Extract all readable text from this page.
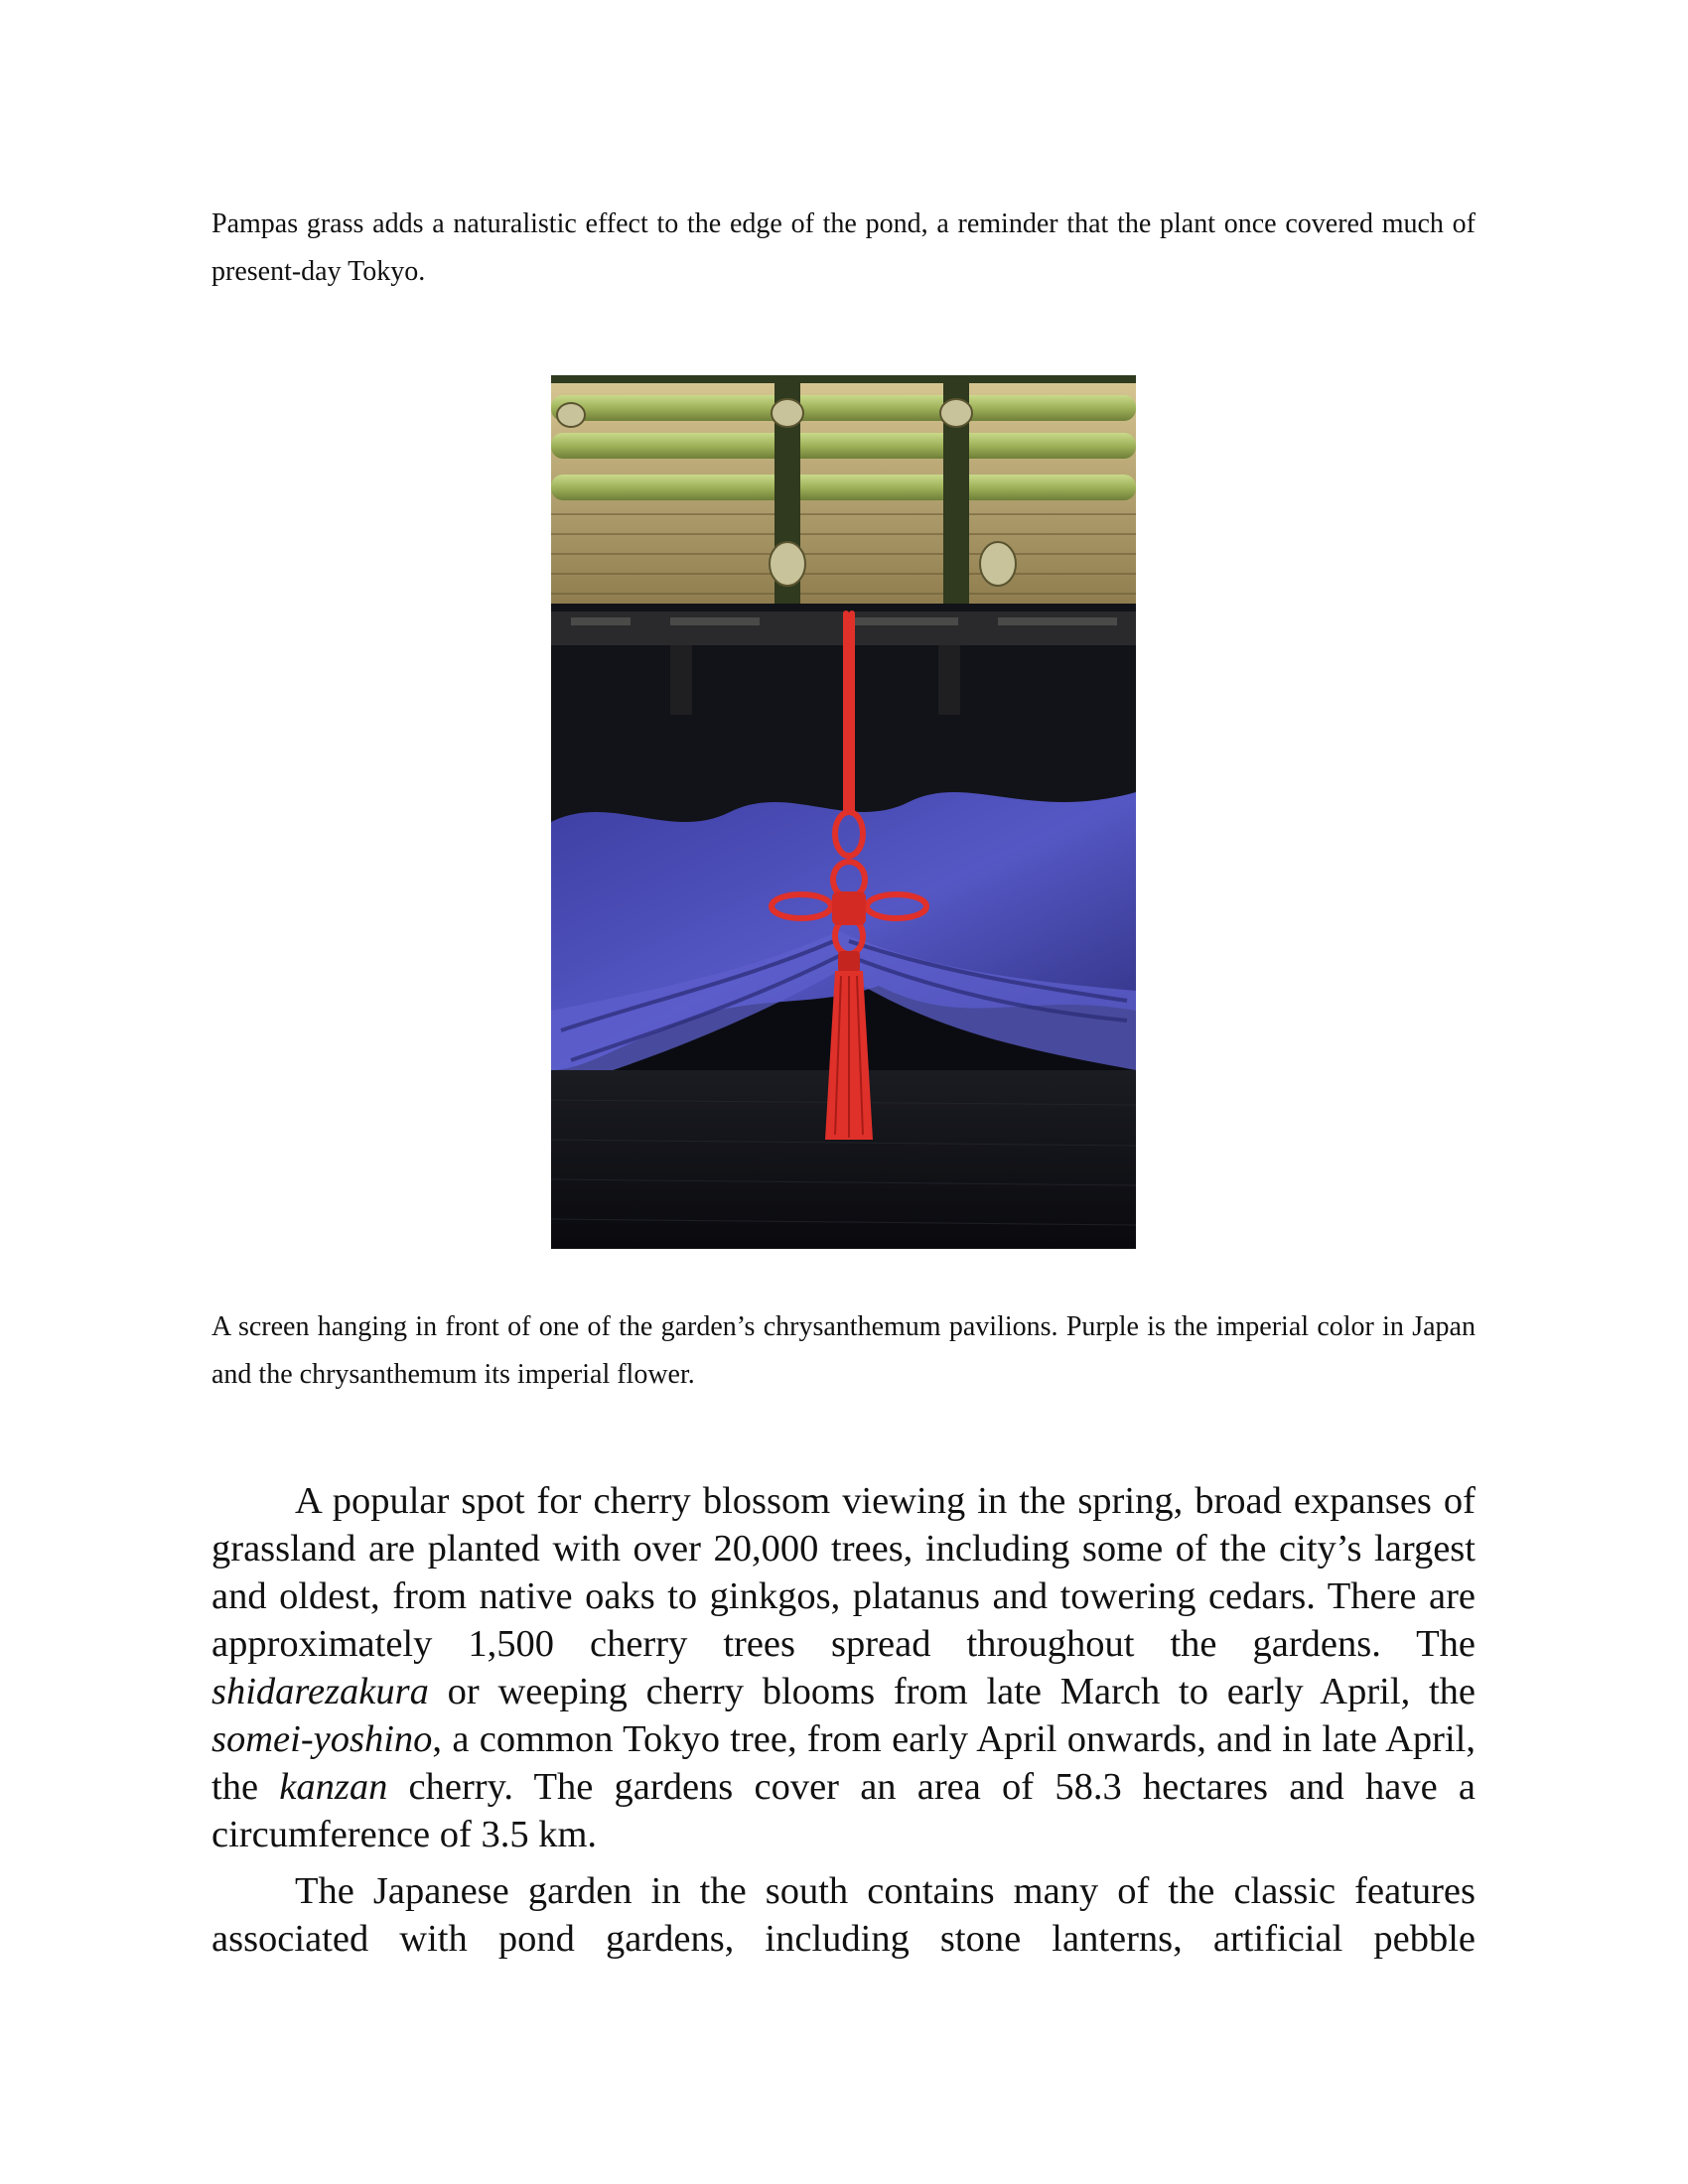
Pampas grass adds a naturalistic effect to the edge of the pond, a reminder that the plant once covered much of present-day Tokyo.
A screen hanging in front of one of the garden’s chrysanthemum pavilions. Purple is the imperial color in Japan and the chrysanthemum its imperial flower.

A popular spot for cherry blossom viewing in the spring, broad expanses of grassland are planted with over 20,000 trees, including some of the city’s largest and oldest, from native oaks to ginkgos, platanus and towering cedars. There are approximately 1,500 cherry trees spread throughout the gardens. The shidarezakura or weeping cherry blooms from late March to early April, the somei-yoshino, a common Tokyo tree, from early April onwards, and in late April, the kanzan cherry. The gardens cover an area of 58.3 hectares and have a circumference of 3.5 km.

The Japanese garden in the south contains many of the classic features associated with pond gardens, including stone lanterns, artificial pebble
